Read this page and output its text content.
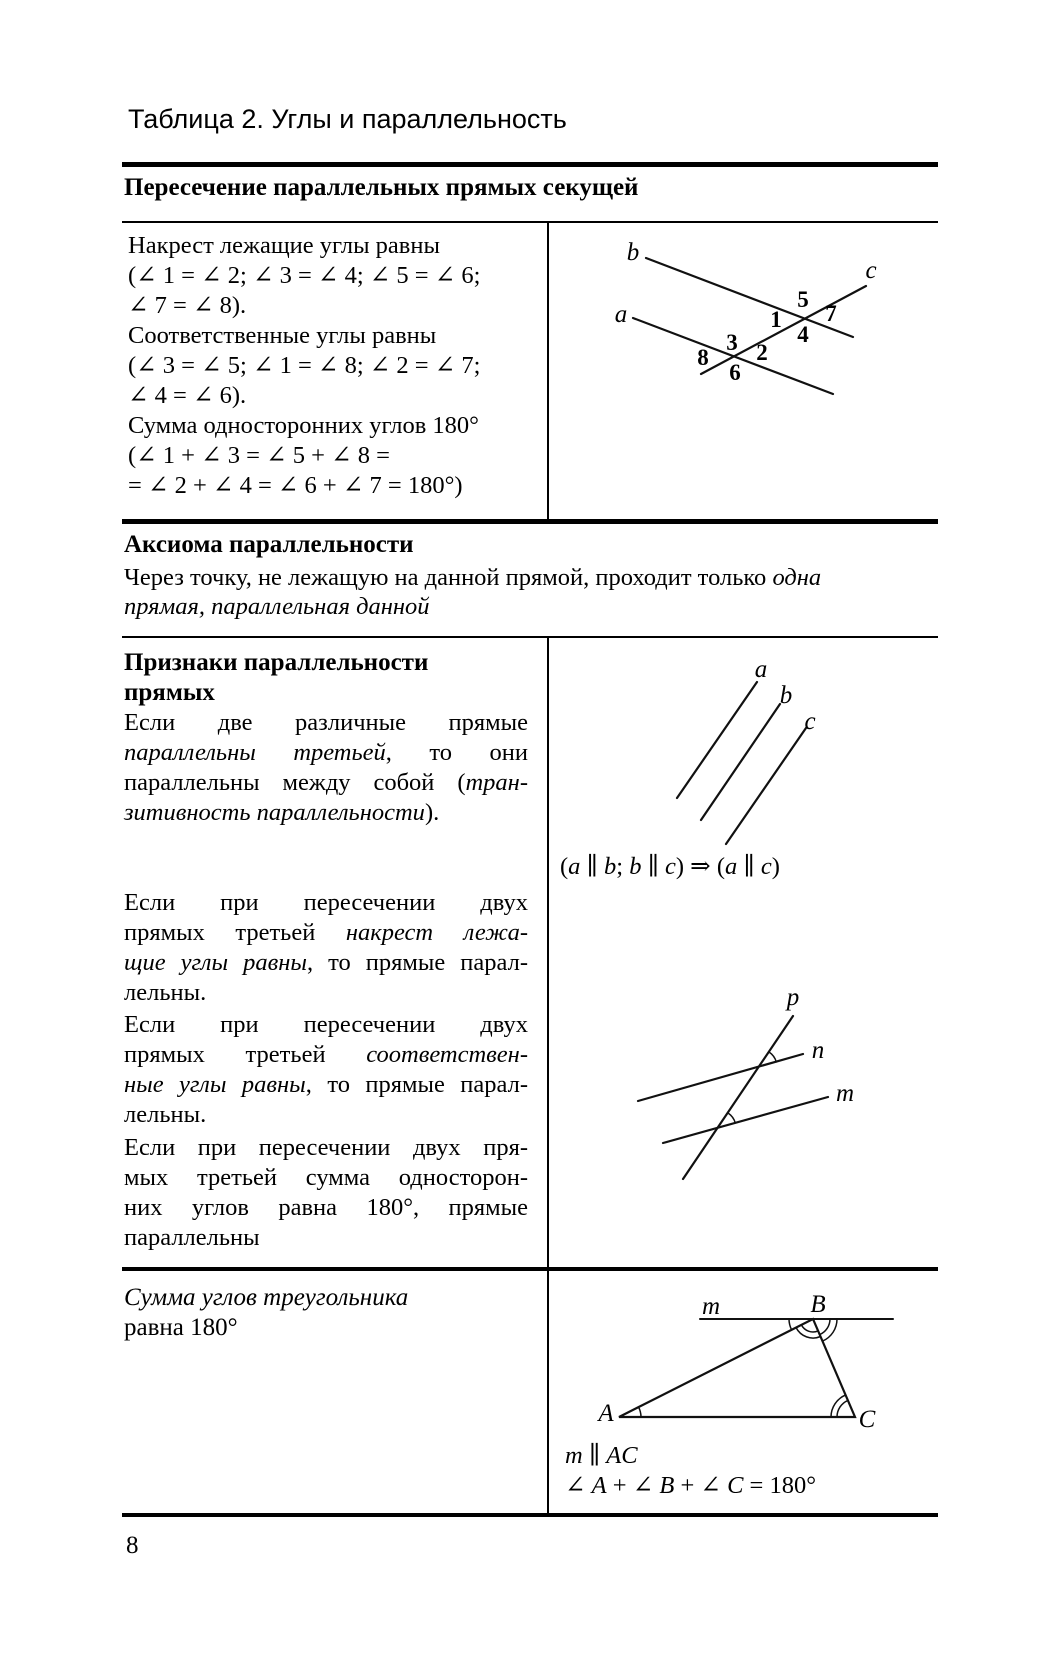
Таблица 2. Углы и параллельность
Пересечение параллельных прямых секущей
Накрест лежащие углы равны
(∠ 1 = ∠ 2; ∠ 3 = ∠ 4; ∠ 5 = ∠ 6;
∠ 7 = ∠ 8).
Соответственные углы равны
(∠ 3 = ∠ 5; ∠ 1 = ∠ 8; ∠ 2 = ∠ 7;
∠ 4 = ∠ 6).
Сумма односторонних углов 180°
(∠ 1 + ∠ 3 = ∠ 5 + ∠ 8 =
= ∠ 2 + ∠ 4 = ∠ 6 + ∠ 7 = 180°)
b
a
c
1
2
3	4
5
6
7
8
Аксиома параллельности
Через точку, не лежащую на данной прямой, проходит только одна
прямая, параллельная данной
Признаки параллельности
прямых
Если две различные прямые
параллельны третьей, то они
параллельны между собой (тран-
зитивность параллельности).
Если при пересечении двух
прямых третьей накрест лежа-
щие углы равны, то прямые парал-
лельны.
Если при пересечении двух
прямых третьей соответствен-
ные углы равны, то прямые парал-
лельны.
Если при пересечении двух пря-
мых третьей сумма односторон-
них углов равна 180°, прямые
параллельны
a
b
c
(a ∥ b; b ∥ c) ⇒ (a ∥ c)
p
n
m
Сумма углов треугольника
равна 180°
m	B
A	C
m ∥ AC
∠ A + ∠ B + ∠ C = 180°
8
